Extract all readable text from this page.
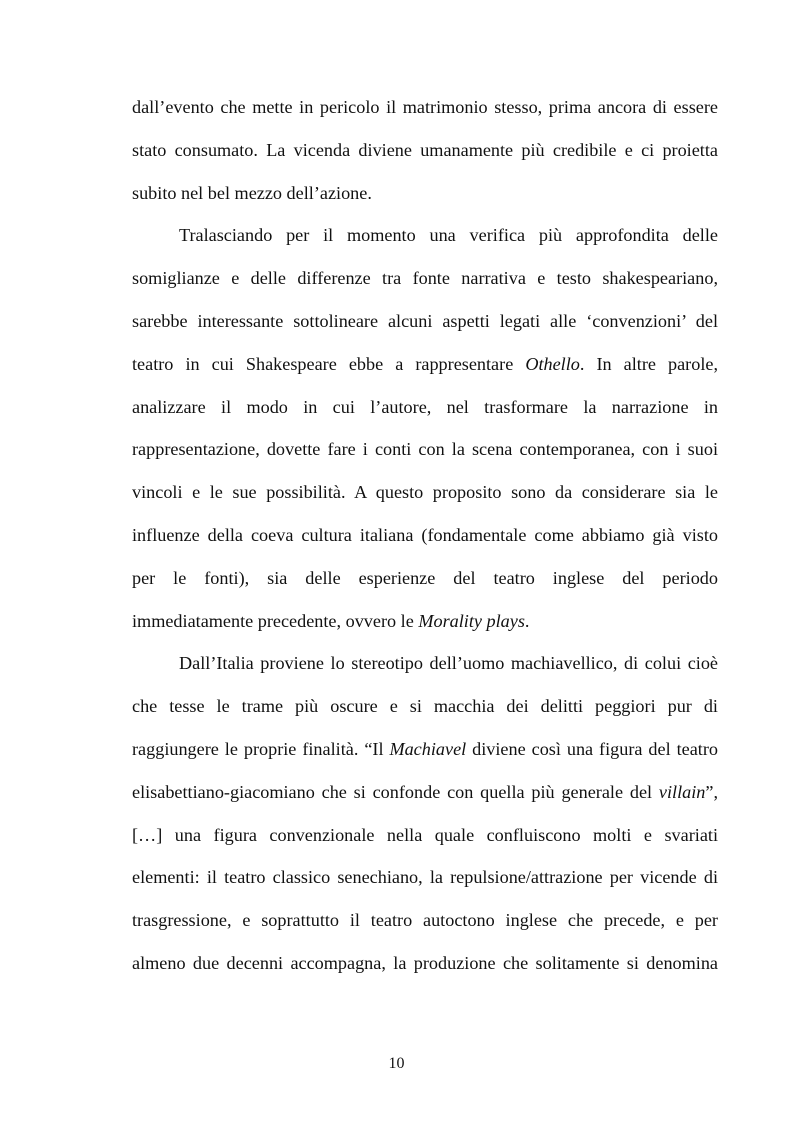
dall’evento che mette in pericolo il matrimonio stesso, prima ancora di essere
stato consumato. La vicenda diviene umanamente più credibile e ci proietta
subito nel bel mezzo dell’azione.
Tralasciando per il momento una verifica più approfondita delle
somiglianze e delle differenze tra fonte narrativa e testo shakespeariano,
sarebbe interessante sottolineare alcuni aspetti legati alle ‘convenzioni’ del
teatro in cui Shakespeare ebbe a rappresentare Othello. In altre parole,
analizzare il modo in cui l’autore, nel trasformare la narrazione in
rappresentazione, dovette fare i conti con la scena contemporanea, con i suoi
vincoli e le sue possibilità. A questo proposito sono da considerare sia le
influenze della coeva cultura italiana (fondamentale come abbiamo già visto
per le fonti), sia delle esperienze del teatro inglese del periodo
immediatamente precedente, ovvero le Morality plays.
Dall’Italia proviene lo stereotipo dell’uomo machiavellico, di colui cioè
che tesse le trame più oscure e si macchia dei delitti peggiori pur di
raggiungere le proprie finalità. “Il Machiavel diviene così una figura del teatro
elisabettiano-giacomiano che si confonde con quella più generale del villain”,
[…] una figura convenzionale nella quale confluiscono molti e svariati
elementi: il teatro classico senechiano, la repulsione/attrazione per vicende di
trasgressione, e soprattutto il teatro autoctono inglese che precede, e per
almeno due decenni accompagna, la produzione che solitamente si denomina
10
